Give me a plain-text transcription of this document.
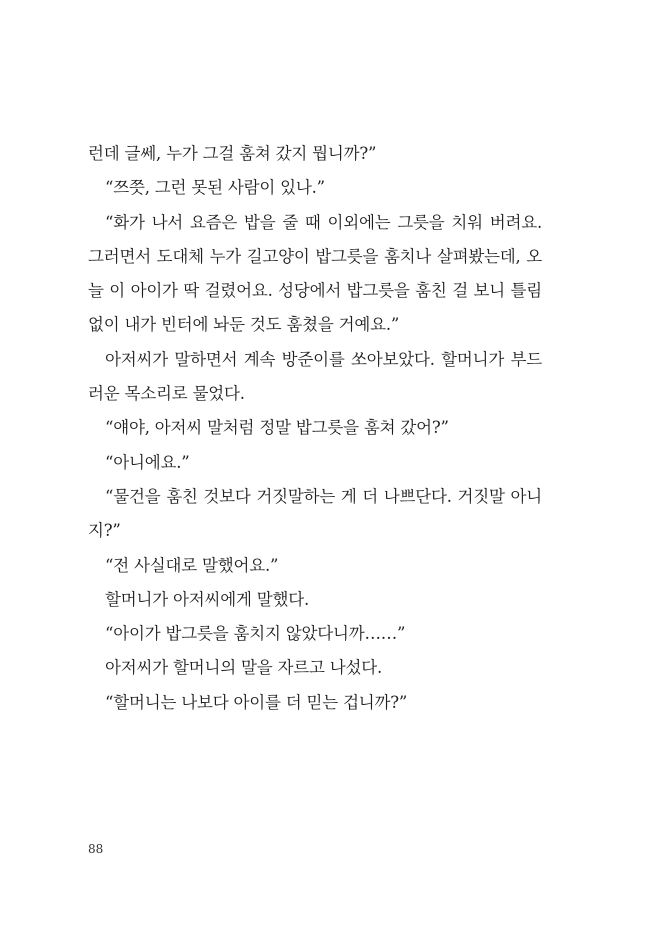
런데 글쎄, 누가 그걸 훔쳐 갔지 뭡니까?”
“쯔쯧, 그런 못된 사람이 있나.”
“화가 나서 요즘은 밥을 줄 때 이외에는 그릇을 치워 버려요.
그러면서 도대체 누가 길고양이 밥그릇을 훔치나 살펴봤는데, 오
늘 이 아이가 딱 걸렸어요. 성당에서 밥그릇을 훔친 걸 보니 틀림
없이 내가 빈터에 놔둔 것도 훔쳤을 거예요.”
아저씨가 말하면서 계속 방준이를 쏘아보았다. 할머니가 부드
러운 목소리로 물었다.
“얘야, 아저씨 말처럼 정말 밥그릇을 훔쳐 갔어?”
“아니에요.”
“물건을 훔친 것보다 거짓말하는 게 더 나쁘단다. 거짓말 아니
지?”
“전 사실대로 말했어요.”
할머니가 아저씨에게 말했다.
“아이가 밥그릇을 훔치지 않았다니까……”
아저씨가 할머니의 말을 자르고 나섰다.
“할머니는 나보다 아이를 더 믿는 겁니까?”
88
